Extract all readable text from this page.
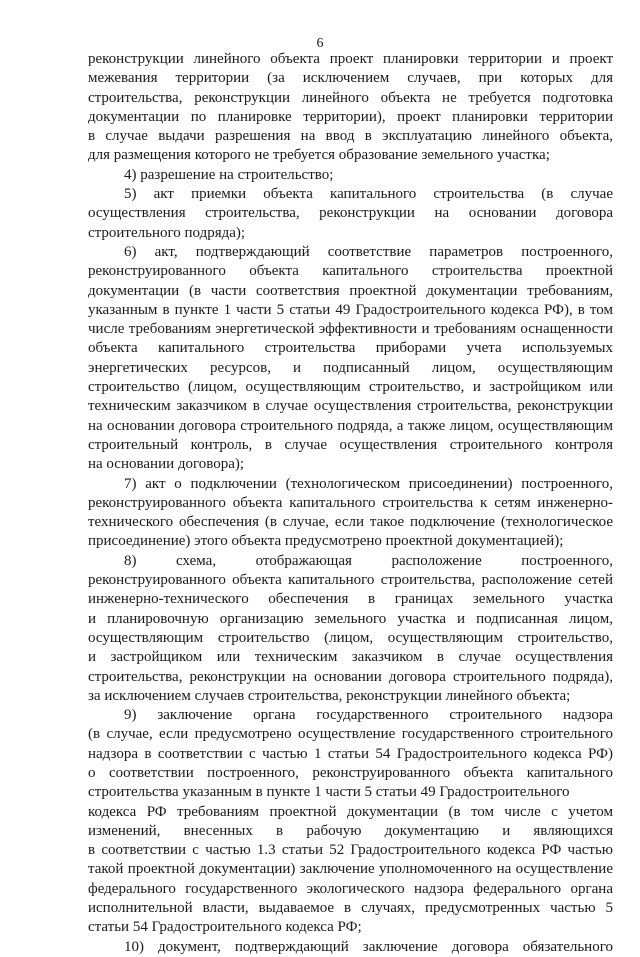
6
реконструкции линейного объекта проект планировки территории и проект
межевания территории (за исключением случаев, при которых для
строительства, реконструкции линейного объекта не требуется подготовка
документации по планировке территории), проект планировки территории
в случае выдачи разрешения на ввод в эксплуатацию линейного объекта,
для размещения которого не требуется образование земельного участка;
4) разрешение на строительство;
5) акт приемки объекта капитального строительства (в случае
осуществления строительства, реконструкции на основании договора
строительного подряда);
6) акт, подтверждающий соответствие параметров построенного,
реконструированного объекта капитального строительства проектной
документации (в части соответствия проектной документации требованиям,
указанным в пункте 1 части 5 статьи 49 Градостроительного кодекса РФ), в том
числе требованиям энергетической эффективности и требованиям оснащенности
объекта капитального строительства приборами учета используемых
энергетических ресурсов, и подписанный лицом, осуществляющим
строительство (лицом, осуществляющим строительство, и застройщиком или
техническим заказчиком в случае осуществления строительства, реконструкции
на основании договора строительного подряда, а также лицом, осуществляющим
строительный контроль, в случае осуществления строительного контроля
на основании договора);
7) акт о подключении (технологическом присоединении) построенного,
реконструированного объекта капитального строительства к сетям инженерно-
технического обеспечения (в случае, если такое подключение (технологическое
присоединение) этого объекта предусмотрено проектной документацией);
8) схема, отображающая расположение построенного,
реконструированного объекта капитального строительства, расположение сетей
инженерно-технического обеспечения в границах земельного участка
и планировочную организацию земельного участка и подписанная лицом,
осуществляющим строительство (лицом, осуществляющим строительство,
и застройщиком или техническим заказчиком в случае осуществления
строительства, реконструкции на основании договора строительного подряда),
за исключением случаев строительства, реконструкции линейного объекта;
9) заключение органа государственного строительного надзора
(в случае, если предусмотрено осуществление государственного строительного
надзора в соответствии с частью 1 статьи 54 Градостроительного кодекса РФ)
о соответствии построенного, реконструированного объекта капитального
строительства указанным в пункте 1 части 5 статьи 49 Градостроительного
кодекса РФ требованиям проектной документации (в том числе с учетом
изменений, внесенных в рабочую документацию и являющихся
в соответствии с частью 1.3 статьи 52 Градостроительного кодекса РФ частью
такой проектной документации) заключение уполномоченного на осуществление
федерального государственного экологического надзора федерального органа
исполнительной власти, выдаваемое в случаях, предусмотренных частью 5
статьи 54 Градостроительного кодекса РФ;
10) документ, подтверждающий заключение договора обязательного
